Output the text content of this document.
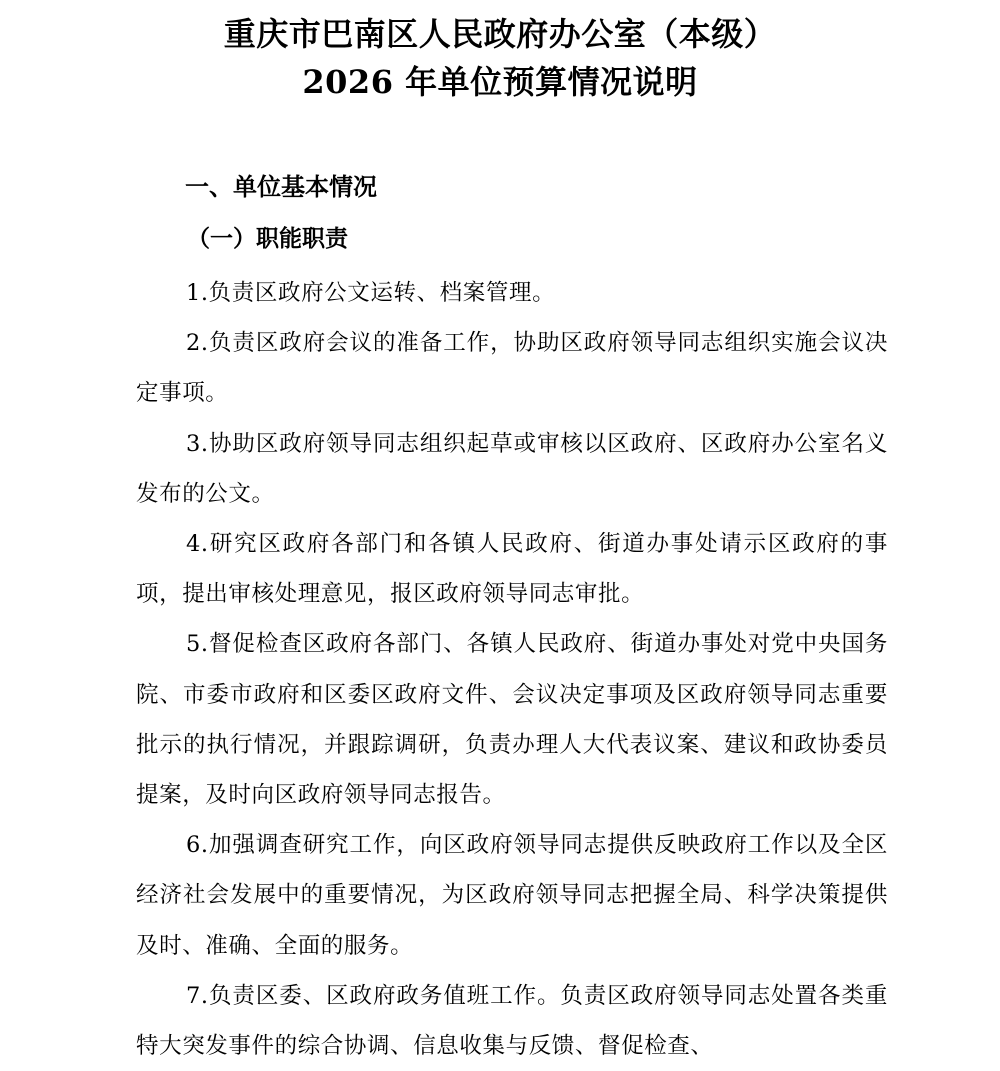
重庆市巴南区人民政府办公室（本级）
2026 年单位预算情况说明
一、单位基本情况
（一）职能职责

1.负责区政府公文运转、档案管理。

2.负责区政府会议的准备工作，协助区政府领导同志组织实施会议决定事项。

3.协助区政府领导同志组织起草或审核以区政府、区政府办公室名义发布的公文。

4.研究区政府各部门和各镇人民政府、街道办事处请示区政府的事项，提出审核处理意见，报区政府领导同志审批。

5.督促检查区政府各部门、各镇人民政府、街道办事处对党中央国务院、市委市政府和区委区政府文件、会议决定事项及区政府领导同志重要批示的执行情况，并跟踪调研，负责办理人大代表议案、建议和政协委员提案，及时向区政府领导同志报告。

6.加强调查研究工作，向区政府领导同志提供反映政府工作以及全区经济社会发展中的重要情况，为区政府领导同志把握全局、科学决策提供及时、准确、全面的服务。

7.负责区委、区政府政务值班工作。负责区政府领导同志处置各类重特大突发事件的综合协调、信息收集与反馈、督促检查、
